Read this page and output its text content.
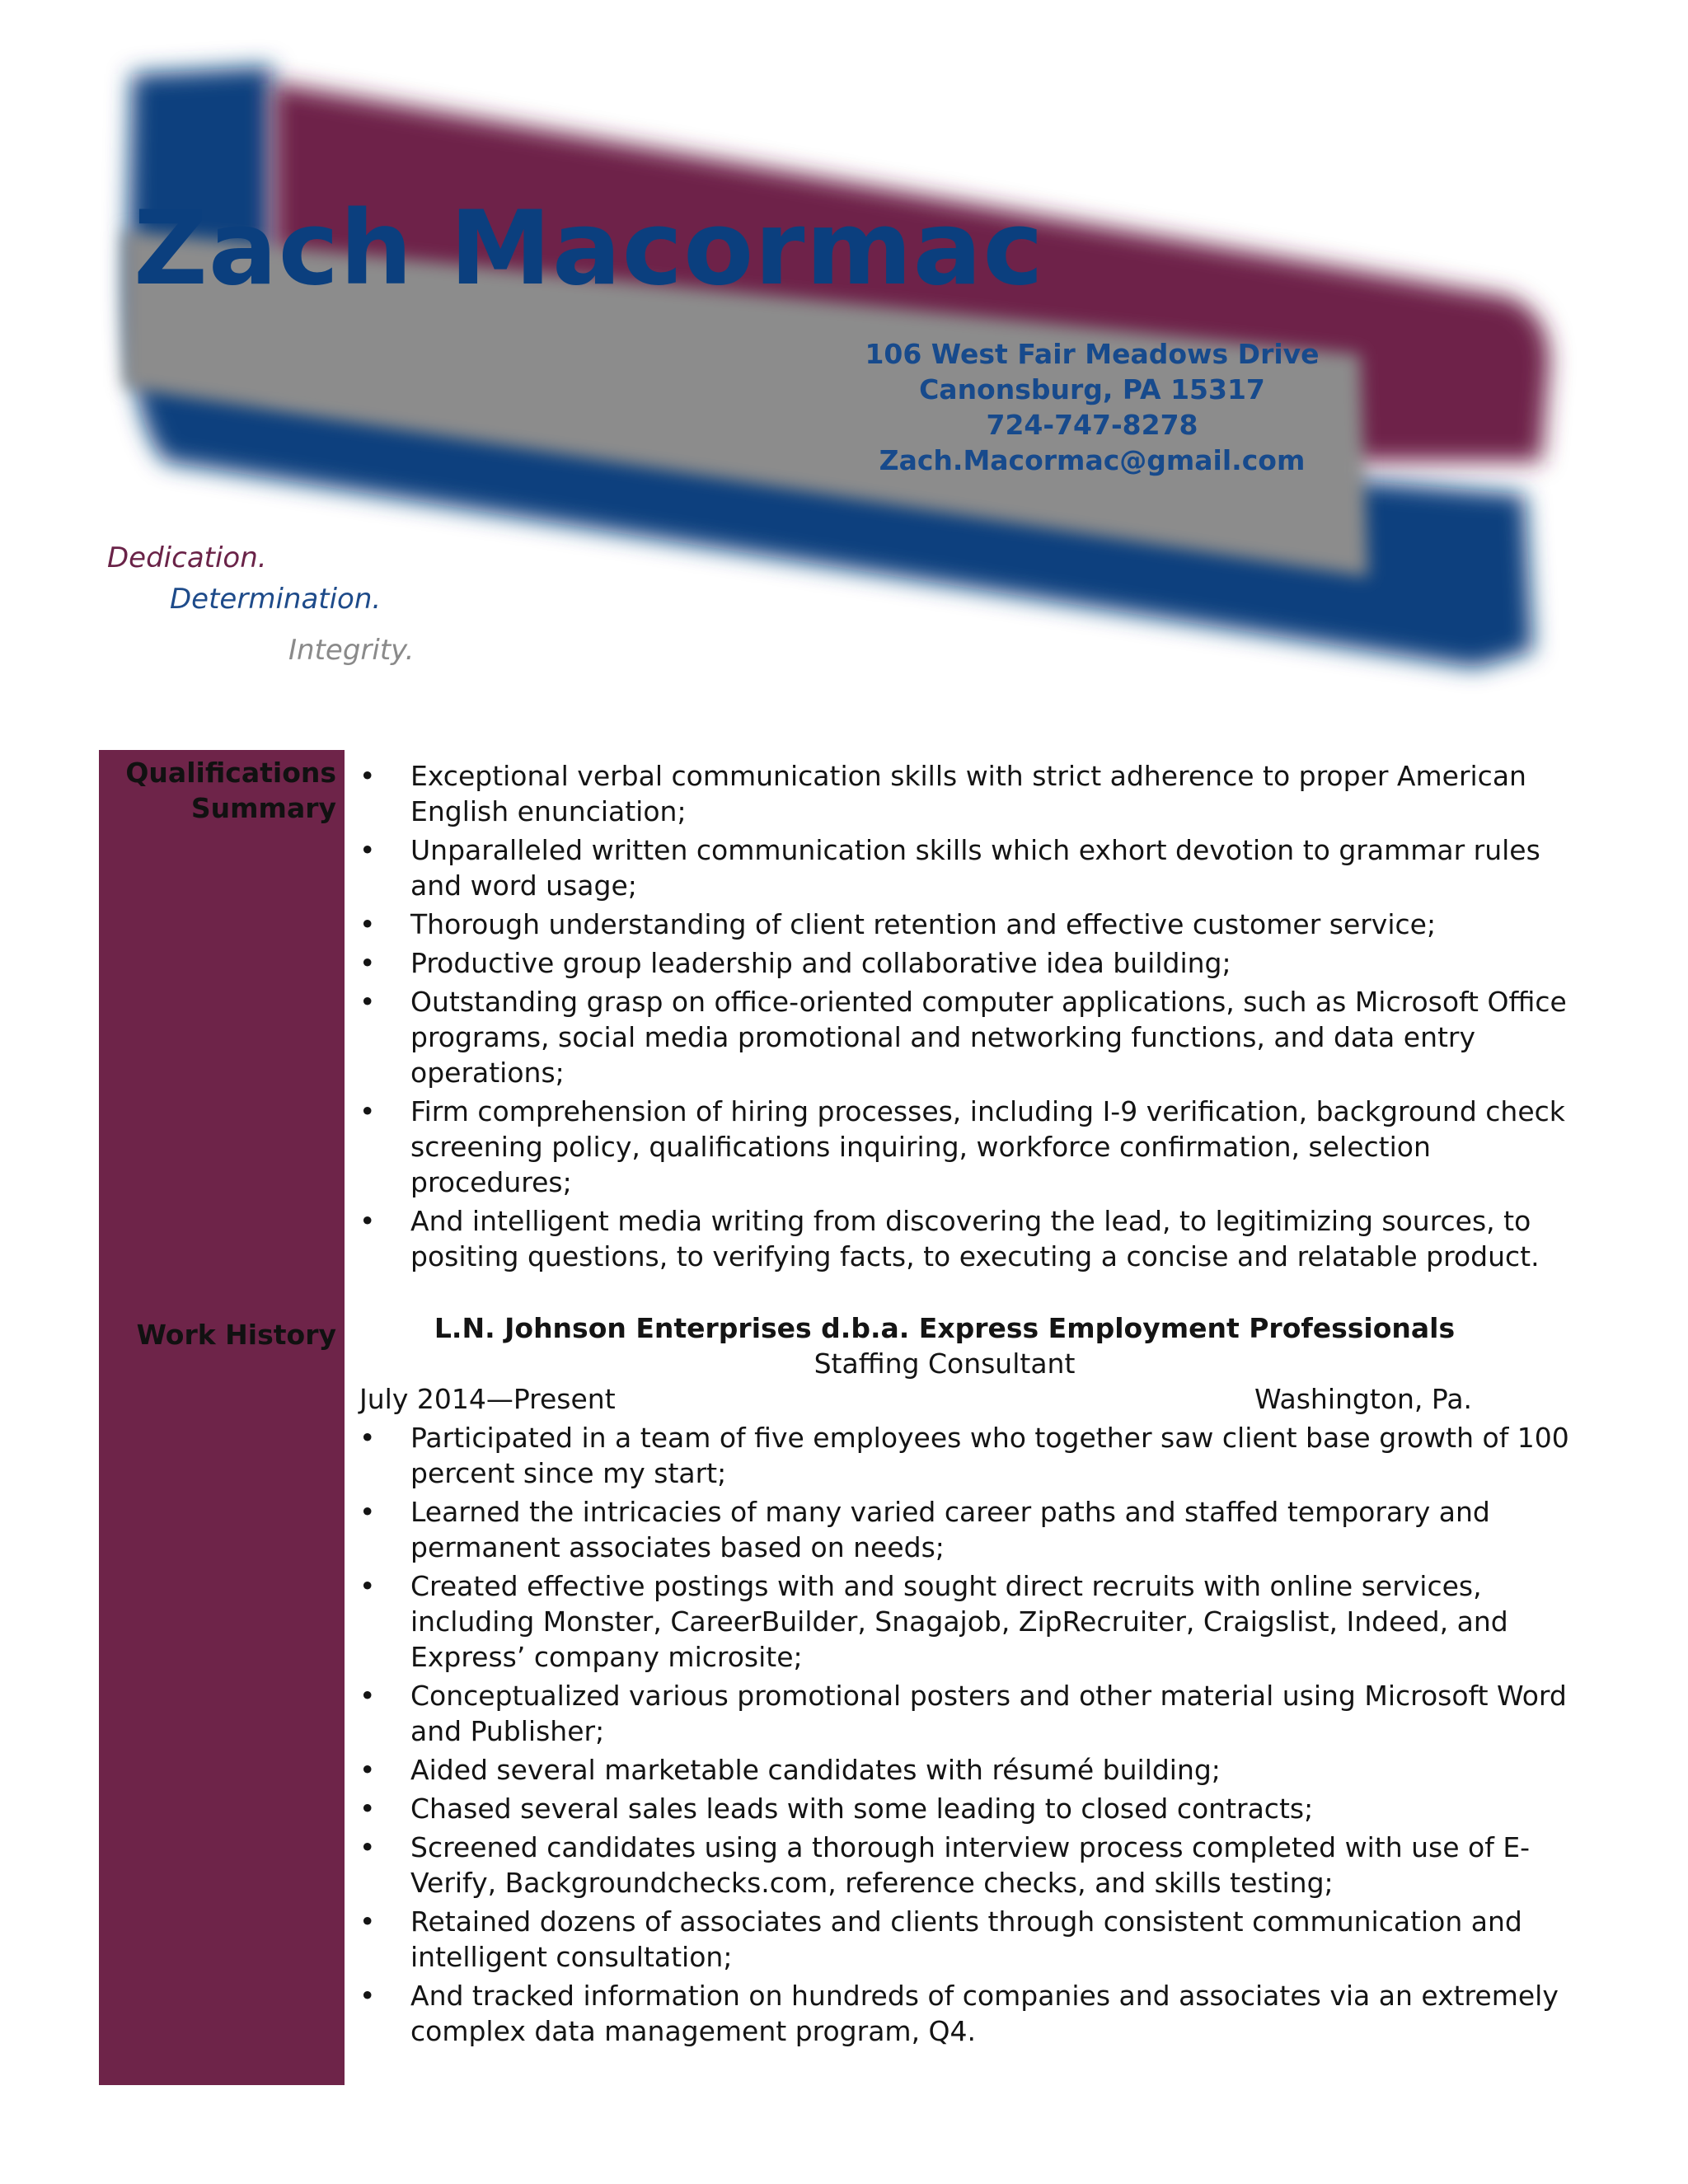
Zach Macormac
106 West Fair Meadows Drive
Canonsburg, PA 15317
724-747-8278
Zach.Macormac@gmail.com
Dedication.
Determination.
Integrity.
Qualifications
Summary
Work History
•	Exceptional verbal communication skills with strict adherence to proper American English enunciation;
•	Unparalleled written communication skills which exhort devotion to grammar rules and word usage;
•	Thorough understanding of client retention and effective customer service;
•	Productive group leadership and collaborative idea building;
•	Outstanding grasp on office-oriented computer applications, such as Microsoft Office programs, social media promotional and networking functions, and data entry operations;
•	Firm comprehension of hiring processes, including I-9 verification, background check screening policy, qualifications inquiring, workforce confirmation, selection procedures;
•	And intelligent media writing from discovering the lead, to legitimizing sources, to positing questions, to verifying facts, to executing a concise and relatable product.
L.N. Johnson Enterprises d.b.a. Express Employment Professionals
Staffing Consultant
July 2014—Present	Washington, Pa.
•	Participated in a team of five employees who together saw client base growth of 100 percent since my start;
•	Learned the intricacies of many varied career paths and staffed temporary and permanent associates based on needs;
•	Created effective postings with and sought direct recruits with online services, including Monster, CareerBuilder, Snagajob, ZipRecruiter, Craigslist, Indeed, and Express’ company microsite;
•	Conceptualized various promotional posters and other material using Microsoft Word and Publisher;
•	Aided several marketable candidates with résumé building;
•	Chased several sales leads with some leading to closed contracts;
•	Screened candidates using a thorough interview process completed with use of E-Verify, Backgroundchecks.com, reference checks, and skills testing;
•	Retained dozens of associates and clients through consistent communication and intelligent consultation;
•	And tracked information on hundreds of companies and associates via an extremely complex data management program, Q4.
